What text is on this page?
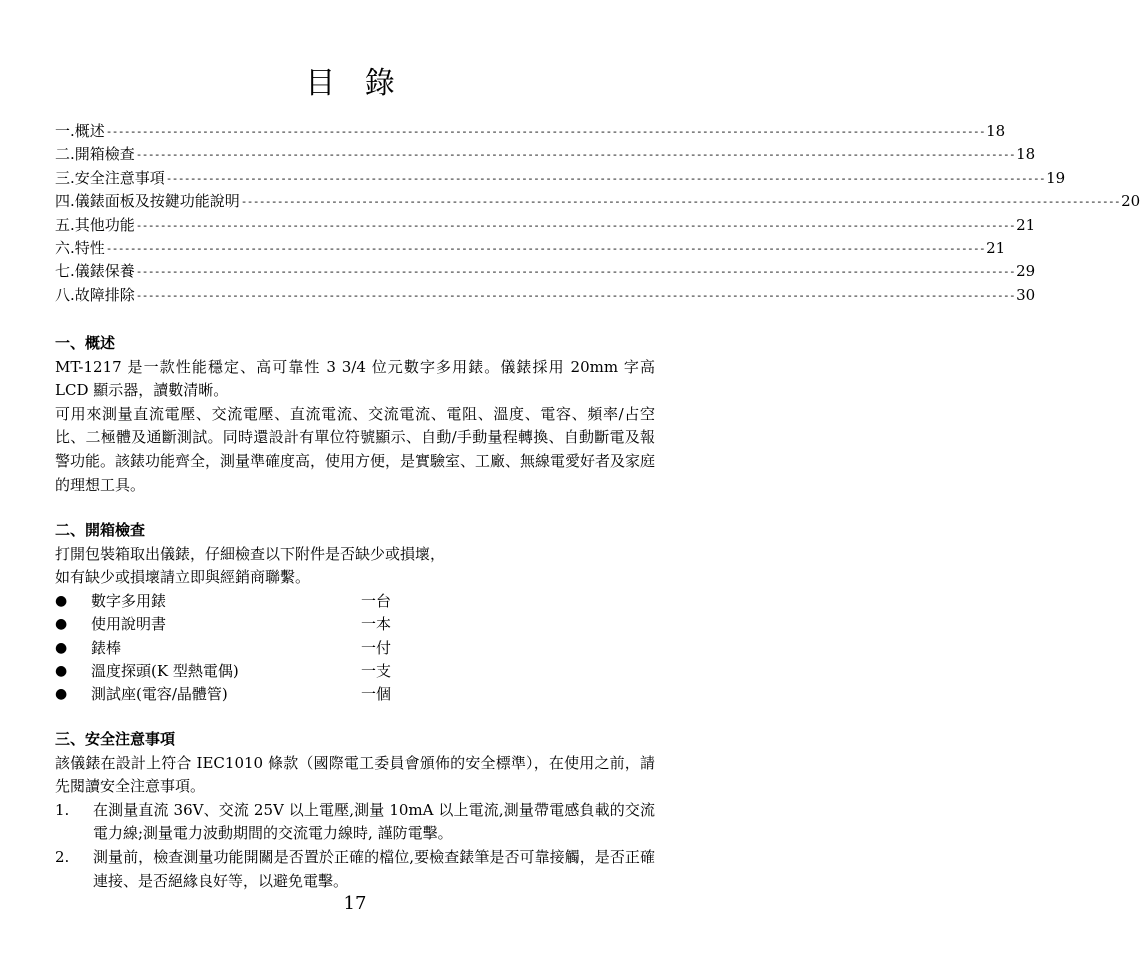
目 錄
一.概述 -------------------------------------------------------------------------------------------------------------------------------------------------- 18
二.開箱檢查 -------------------------------------------------------------------------------------------------------------------------------------------------- 18
三.安全注意事項 -------------------------------------------------------------------------------------------------------------------------------------------------- 19
四.儀錶面板及按鍵功能說明 -------------------------------------------------------------------------------------------------------------------------------------------------- 20
五.其他功能 -------------------------------------------------------------------------------------------------------------------------------------------------- 21
六.特性 -------------------------------------------------------------------------------------------------------------------------------------------------- 21
七.儀錶保養 -------------------------------------------------------------------------------------------------------------------------------------------------- 29
八.故障排除 -------------------------------------------------------------------------------------------------------------------------------------------------- 30
一、概述
MT-1217 是一款性能穩定、高可靠性 3 3/4 位元數字多用錶。儀錶採用 20mm 字高 LCD 顯示器，讀數清晰。
可用來測量直流電壓、交流電壓、直流電流、交流電流、電阻、溫度、電容、頻率/占空比、二極體及通斷測試。同時還設計有單位符號顯示、自動/手動量程轉換、自動斷電及報警功能。該錶功能齊全，測量準確度高，使用方便，是實驗室、工廠、無線電愛好者及家庭的理想工具。
二、開箱檢查
打開包裝箱取出儀錶，仔細檢查以下附件是否缺少或損壞，
如有缺少或損壞請立即與經銷商聯繫。
●	數字多用錶	一台
●	使用說明書	一本
●	錶棒	一付
●	溫度探頭(K 型熱電偶)	一支
●	測試座(電容/晶體管)	一個
三、安全注意事項
該儀錶在設計上符合 IEC1010 條款（國際電工委員會頒佈的安全標準），在使用之前，請先閱讀安全注意事項。
1.	在測量直流 36V、交流 25V 以上電壓,測量 10mA 以上電流,測量帶電感負載的交流電力線;測量電力波動期間的交流電力線時, 謹防電擊。
2.	測量前，檢查測量功能開關是否置於正確的檔位,要檢查錶筆是否可靠接觸，是否正確連接、是否絕緣良好等，以避免電擊。
17
